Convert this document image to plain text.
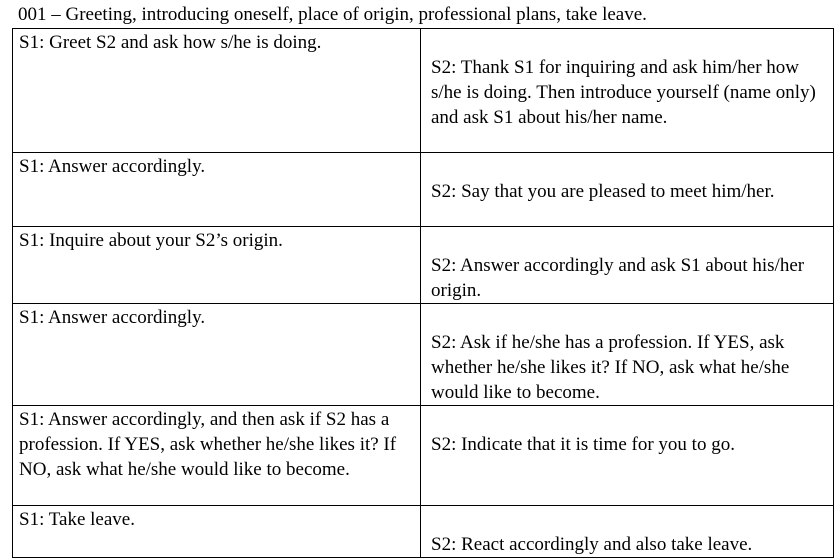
001 – Greeting, introducing oneself, place of origin, professional plans, take leave.
S1: Greet S2 and ask how s/he is doing.	S2: Thank S1 for inquiring and ask him/her how s/he is doing. Then introduce yourself (name only) and ask S1 about his/her name.
S1: Answer accordingly.	S2: Say that you are pleased to meet him/her.
S1: Inquire about your S2’s origin.	S2: Answer accordingly and ask S1 about his/her origin.
S1: Answer accordingly.	S2: Ask if he/she has a profession. If YES, ask whether he/she likes it? If NO, ask what he/she would like to become.
S1: Answer accordingly, and then ask if S2 has a profession. If YES, ask whether he/she likes it? If NO, ask what he/she would like to become.	S2: Indicate that it is time for you to go.
S1: Take leave.	S2: React accordingly and also take leave.
